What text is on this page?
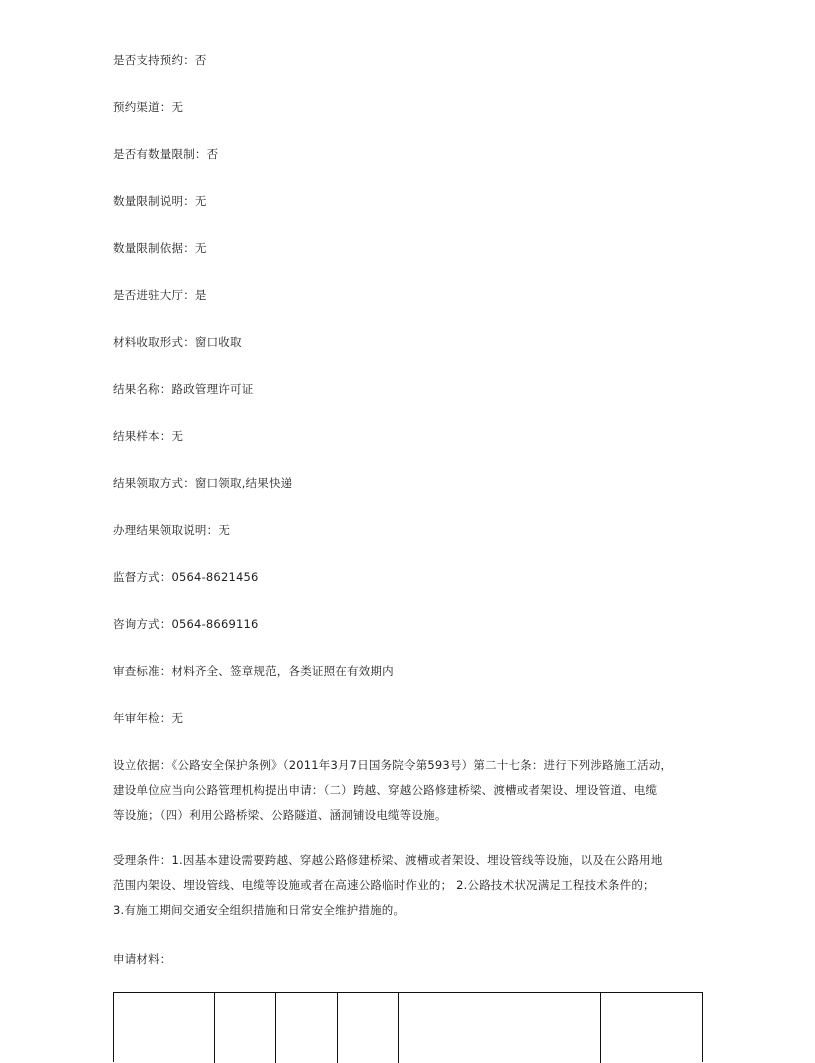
是否支持预约：否
预约渠道：无
是否有数量限制：否
数量限制说明：无
数量限制依据：无
是否进驻大厅：是
材料收取形式：窗口收取
结果名称：路政管理许可证
结果样本：无
结果领取方式：窗口领取,结果快递
办理结果领取说明：无
监督方式：0564-8621456
咨询方式：0564-8669116
审查标准：材料齐全、签章规范，各类证照在有效期内
年审年检：无
设立依据：《公路安全保护条例》（2011年3月7日国务院令第593号）第二十七条：进行下列涉路施工活动，
建设单位应当向公路管理机构提出申请：（二）跨越、穿越公路修建桥梁、渡槽或者架设、埋设管道、电缆
等设施；（四）利用公路桥梁、公路隧道、涵洞铺设电缆等设施。
受理条件：1.因基本建设需要跨越、穿越公路修建桥梁、渡槽或者架设、埋设管线等设施，以及在公路用地
范围内架设、埋设管线、电缆等设施或者在高速公路临时作业的； 2.公路技术状况满足工程技术条件的；
3.有施工期间交通安全组织措施和日常安全维护措施的。
申请材料：
